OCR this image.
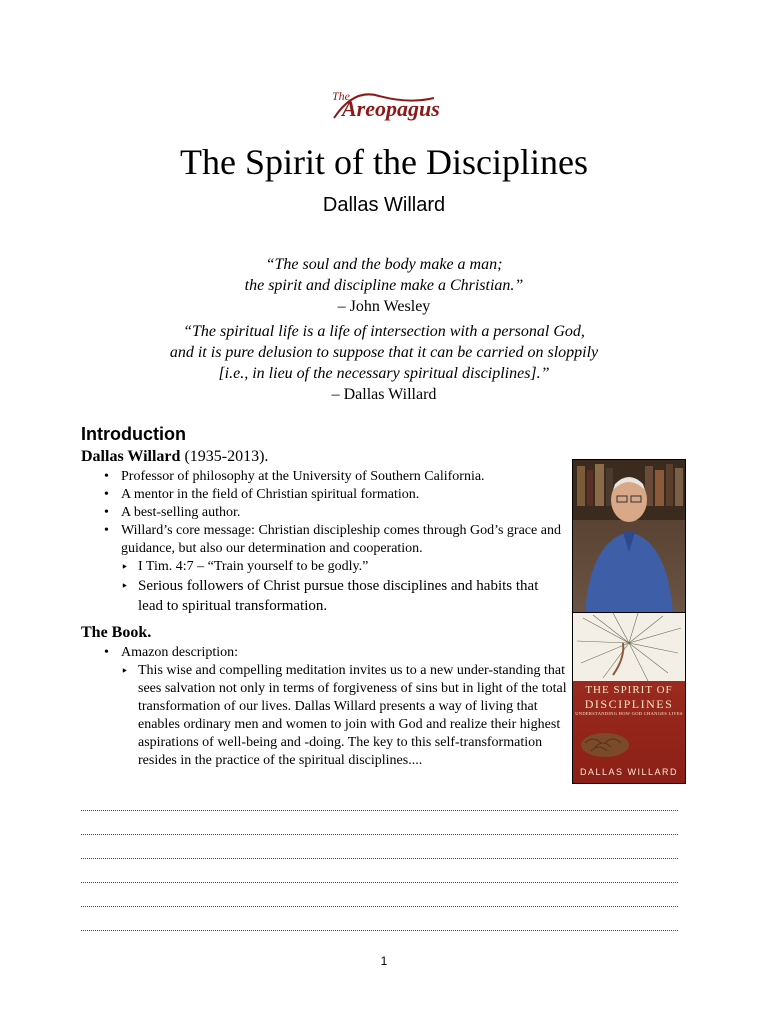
The
Areopagus
The Spirit of the Disciplines
Dallas Willard
“The soul and the body make a man;
the spirit and discipline make a Christian.”
– John Wesley
“The spiritual life is a life of intersection with a personal God,
and it is pure delusion to suppose that it can be carried on sloppily
[i.e., in lieu of the necessary spiritual disciplines].”
– Dallas Willard
Introduction
Dallas Willard (1935-2013).
• Professor of philosophy at the University of Southern California.
• A mentor in the field of Christian spiritual formation.
• A best-selling author.
• Willard’s core message: Christian discipleship comes through God’s grace and guidance, but also our determination and cooperation.
‣ I Tim. 4:7 – “Train yourself to be godly.”
‣ Serious followers of Christ pursue those disciplines and habits that lead to spiritual transformation.
The Book.
• Amazon description:
‣ This wise and compelling meditation invites us to a new under-standing that sees salvation not only in terms of forgiveness of sins but in light of the total transformation of our lives. Dallas Willard presents a way of living that enables ordinary men and women to join with God and realize their highest aspirations of well-being and -doing. The key to this self-transformation resides in the practice of the spiritual disciplines....
THE SPIRIT OF
DISCIPLINES
UNDERSTANDING HOW GOD CHANGES LIVES
DALLAS WILLARD
1
